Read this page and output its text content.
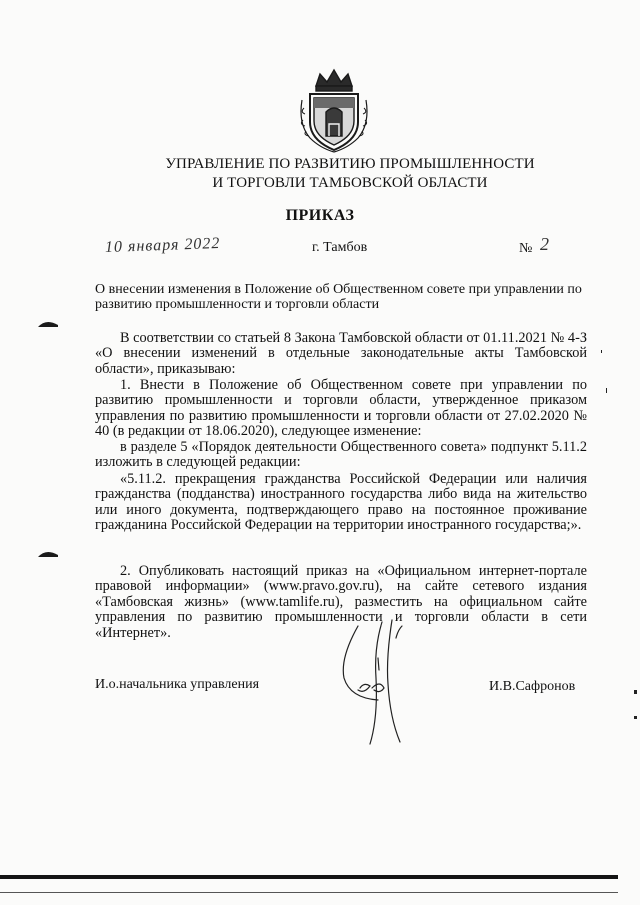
УПРАВЛЕНИЕ ПО РАЗВИТИЮ ПРОМЫШЛЕННОСТИ
И ТОРГОВЛИ ТАМБОВСКОЙ ОБЛАСТИ
ПРИКАЗ
10 января 2022	г. Тамбов	№ 2
О внесении изменения в Положение об Общественном совете при управлении по развитию промышленности и торговли области
В соответствии со статьей 8 Закона Тамбовской области от 01.11.2021 № 4-З «О внесении изменений в отдельные законодательные акты Тамбовской области», приказываю:
1. Внести в Положение об Общественном совете при управлении по развитию промышленности и торговли области, утвержденное приказом управления по развитию промышленности и торговли области от 27.02.2020 № 40 (в редакции от 18.06.2020), следующее изменение:
в разделе 5 «Порядок деятельности Общественного совета» подпункт 5.11.2 изложить в следующей редакции:
«5.11.2. прекращения гражданства Российской Федерации или наличия гражданства (подданства) иностранного государства либо вида на жительство или иного документа, подтверждающего право на постоянное проживание гражданина Российской Федерации на территории иностранного государства;».
2. Опубликовать настоящий приказ на «Официальном интернет-портале правовой информации» (www.pravo.gov.ru), на сайте сетевого издания «Тамбовская жизнь» (www.tamlife.ru), разместить на официальном сайте управления по развитию промышленности и торговли области в сети «Интернет».
И.о.начальника управления	И.В.Сафронов
